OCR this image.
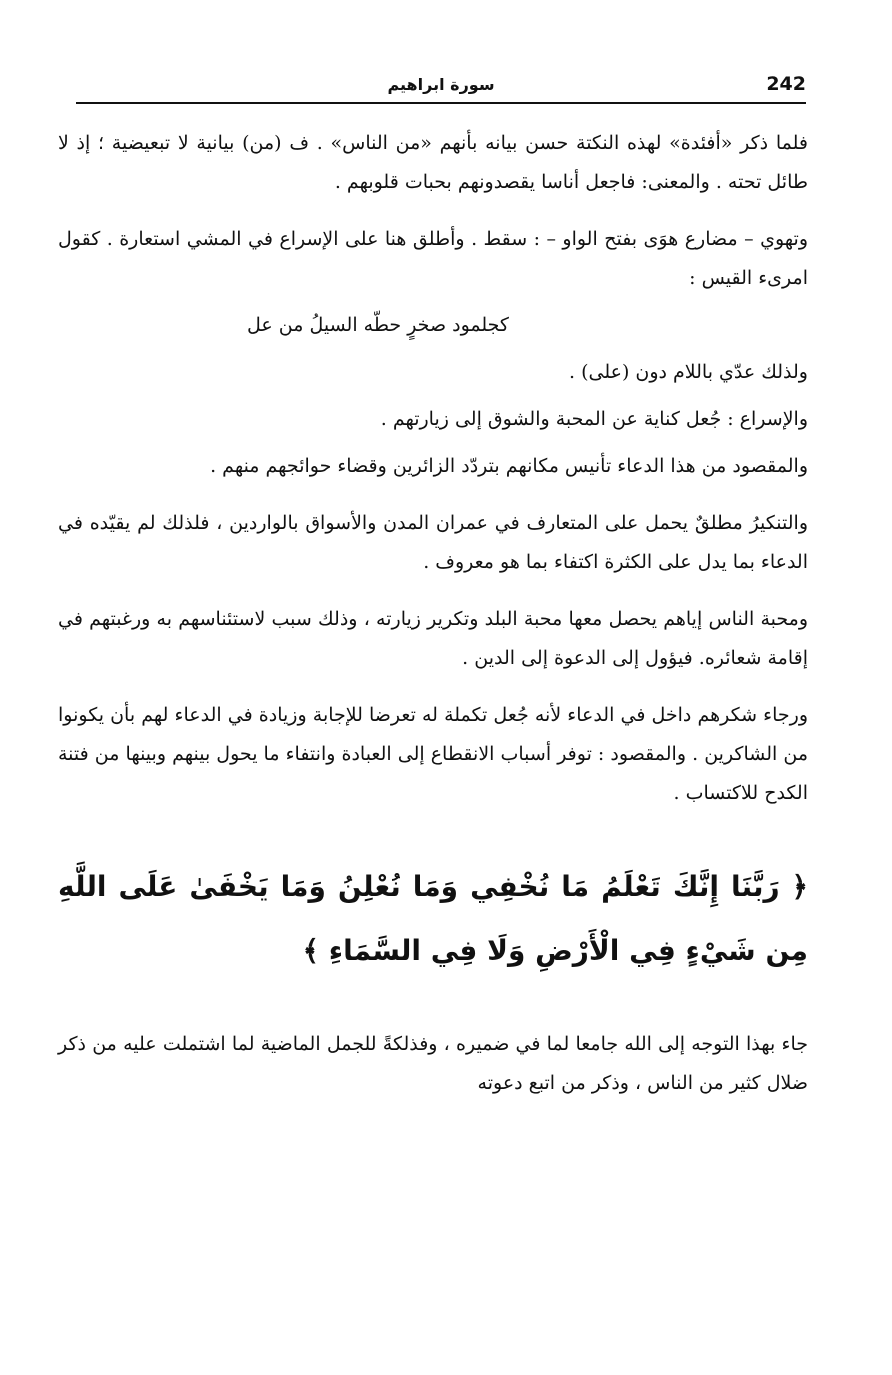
242
سورة ابراهيم

فلما ذكر «أفئدة» لهذه النكتة حسن بيانه بأنهم «من الناس» . ف (من) بيانية لا تبعيضية ؛ إذ لا طائل تحته . والمعنى: فاجعل أناسا يقصدونهم بحبات قلوبهم .

وتهوي – مضارع هوَى بفتح الواو – : سقط . وأطلق هنا على الإسراع في المشي استعارة . كقول امرىء القيس :

كجلمود صخرٍ حطّه السيلُ من عل

ولذلك عدّي باللام دون (على) .

والإسراع : جُعل كناية عن المحبة والشوق إلى زيارتهم .

والمقصود من هذا الدعاء تأنيس مكانهم بتردّد الزائرين وقضاء حوائجهم منهم .

والتنكيرُ مطلقٌ يحمل على المتعارف في عمران المدن والأسواق بالواردين ، فلذلك لم يقيّده في الدعاء بما يدل على الكثرة اكتفاء بما هو معروف .

ومحبة الناس إياهم يحصل معها محبة البلد وتكرير زيارته ، وذلك سبب لاستئناسهم به ورغبتهم في إقامة شعائره. فيؤول إلى الدعوة إلى الدين .

ورجاء شكرهم داخل في الدعاء لأنه جُعل تكملة له تعرضا للإجابة وزيادة في الدعاء لهم بأن يكونوا من الشاكرين . والمقصود : توفر أسباب الانقطاع إلى العبادة وانتفاء ما يحول بينهم وبينها من فتنة الكدح للاكتساب .

﴿ رَبَّنَا إِنَّكَ تَعْلَمُ مَا نُخْفِي وَمَا نُعْلِنُ وَمَا يَخْفَىٰ عَلَى اللَّهِ مِن شَيْءٍ فِي الْأَرْضِ وَلَا فِي السَّمَاءِ ﴾

جاء بهذا التوجه إلى الله جامعا لما في ضميره ، وفذلكةً للجمل الماضية لما اشتملت عليه من ذكر ضلال كثير من الناس ، وذكر من اتبع دعوته
